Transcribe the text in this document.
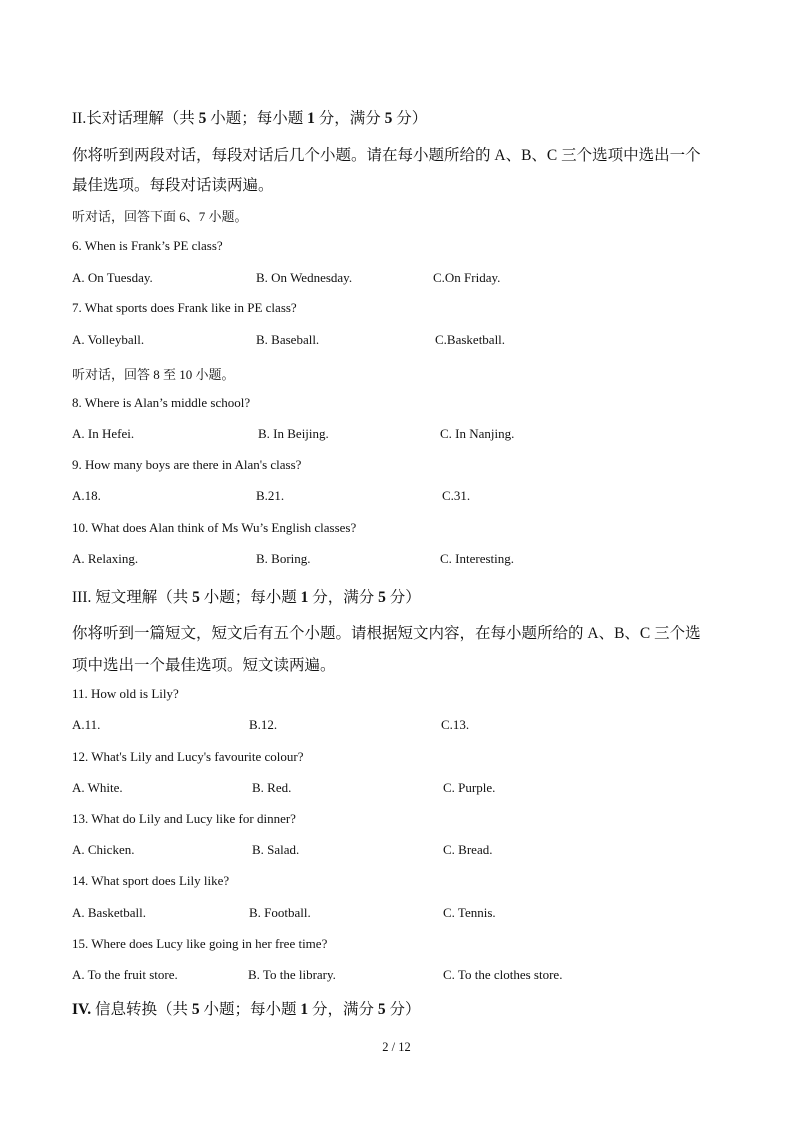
II.长对话理解（共 5 小题；每小题 1 分，满分 5 分）
你将听到两段对话，每段对话后几个小题。请在每小题所给的 A、B、C 三个选项中选出一个
最佳选项。每段对话读两遍。
听对话，回答下面 6、7 小题。
6. When is Frank’s PE class?
A. On Tuesday.	B. On Wednesday.	C.On Friday.
7. What sports does Frank like in PE class?
A. Volleyball.	B. Baseball.	C.Basketball.
听对话，回答 8 至 10 小题。
8. Where is Alan’s middle school?
A. In Hefei.	B. In Beijing.	C. In Nanjing.
9. How many boys are there in Alan's class?
A.18.	B.21.	C.31.
10. What does Alan think of Ms Wu’s English classes?
A. Relaxing.	B. Boring.	C. Interesting.
III. 短文理解（共 5 小题；每小题 1 分，满分 5 分）
你将听到一篇短文，短文后有五个小题。请根据短文内容，在每小题所给的 A、B、C 三个选
项中选出一个最佳选项。短文读两遍。
11. How old is Lily?
A.11.	B.12.	C.13.
12. What's Lily and Lucy's favourite colour?
A. White.	B. Red.	C. Purple.
13. What do Lily and Lucy like for dinner?
A. Chicken.	B. Salad.	C. Bread.
14. What sport does Lily like?
A. Basketball.	B. Football.	C. Tennis.
15. Where does Lucy like going in her free time?
A. To the fruit store.	B. To the library.	C. To the clothes store.
IV. 信息转换（共 5 小题；每小题 1 分，满分 5 分）
2 / 12
